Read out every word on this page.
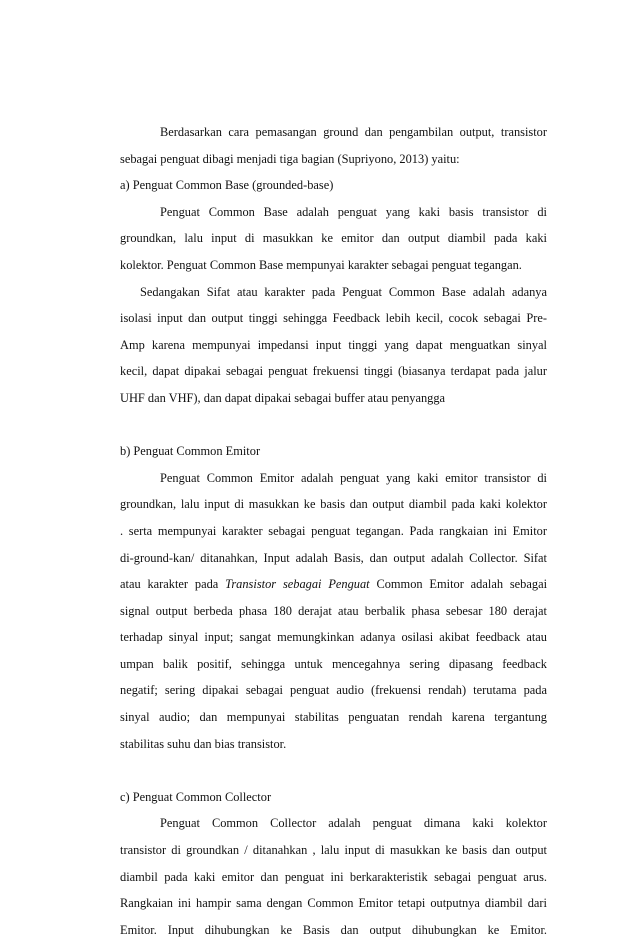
Berdasarkan cara pemasangan ground dan pengambilan output, transistor
sebagai penguat dibagi menjadi tiga bagian (Supriyono, 2013) yaitu:
a) Penguat Common Base (grounded-base)
Penguat Common Base adalah penguat yang kaki basis transistor di
groundkan, lalu input di masukkan ke emitor dan output diambil pada kaki
kolektor. Penguat Common Base mempunyai karakter sebagai penguat tegangan.
Sedangakan Sifat atau karakter pada Penguat Common Base adalah adanya
isolasi input dan output tinggi sehingga Feedback lebih kecil, cocok sebagai Pre-
Amp karena mempunyai impedansi input tinggi yang dapat menguatkan sinyal
kecil, dapat dipakai sebagai penguat frekuensi tinggi (biasanya terdapat pada jalur
UHF dan VHF), dan dapat dipakai sebagai buffer atau penyangga
b) Penguat Common Emitor
Penguat Common Emitor adalah penguat yang kaki emitor transistor di
groundkan, lalu input di masukkan ke basis dan output diambil pada kaki kolektor
. serta mempunyai karakter sebagai penguat tegangan. Pada rangkaian ini Emitor
di-ground-kan/ ditanahkan, Input adalah Basis, dan output adalah Collector. Sifat
atau karakter pada Transistor sebagai Penguat Common Emitor adalah sebagai
signal output berbeda phasa 180 derajat atau berbalik phasa sebesar 180 derajat
terhadap sinyal input; sangat memungkinkan adanya osilasi akibat feedback atau
umpan balik positif, sehingga untuk mencegahnya sering dipasang feedback
negatif; sering dipakai sebagai penguat audio (frekuensi rendah) terutama pada
sinyal audio; dan mempunyai stabilitas penguatan rendah karena tergantung
stabilitas suhu dan bias transistor.
c) Penguat Common Collector
Penguat Common Collector adalah penguat dimana kaki kolektor
transistor di groundkan / ditanahkan , lalu input di masukkan ke basis dan output
diambil pada kaki emitor dan penguat ini berkarakteristik sebagai penguat arus.
Rangkaian ini hampir sama dengan Common Emitor tetapi outputnya diambil dari
Emitor. Input dihubungkan ke Basis dan output dihubungkan ke Emitor.
